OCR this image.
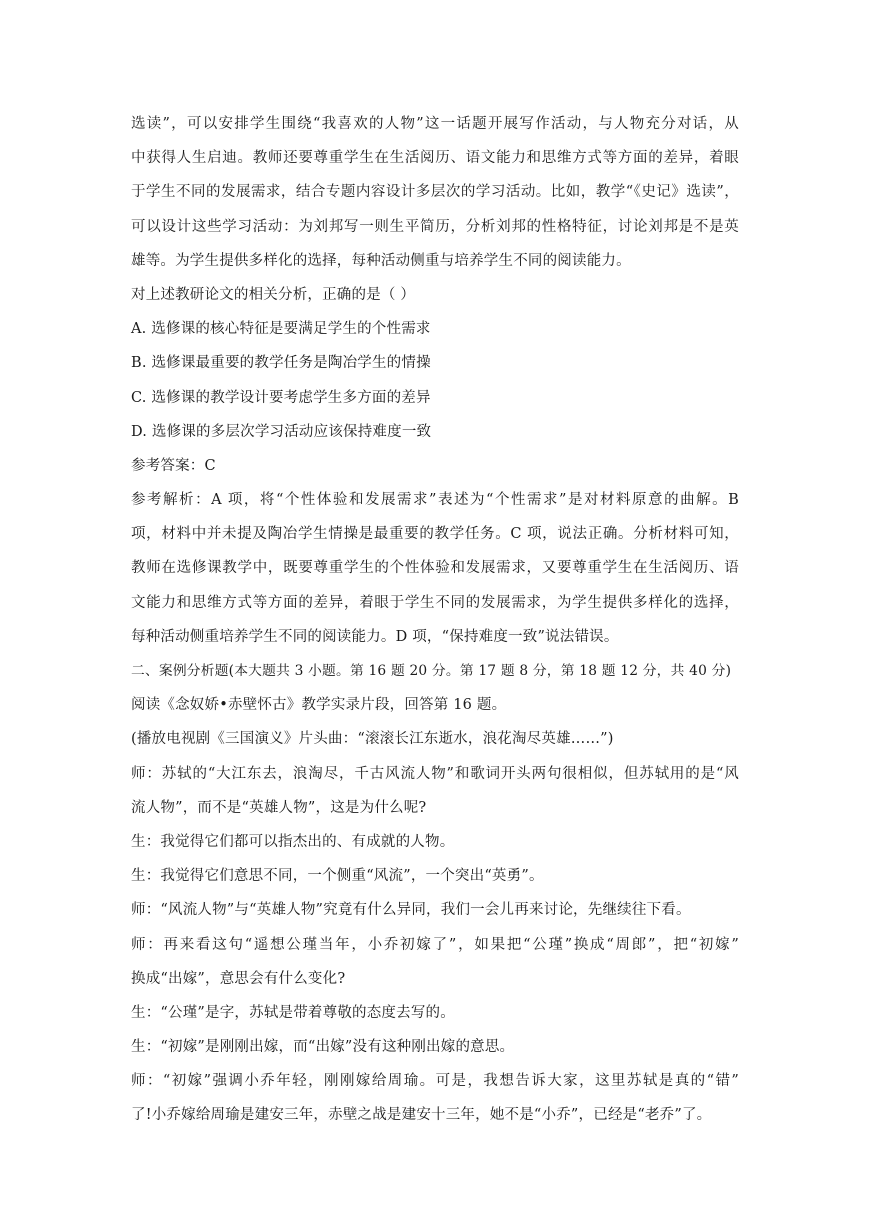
选读”，可以安排学生围绕“我喜欢的人物”这一话题开展写作活动，与人物充分对话，从
中获得人生启迪。教师还要尊重学生在生活阅历、语文能力和思维方式等方面的差异，着眼
于学生不同的发展需求，结合专题内容设计多层次的学习活动。比如，教学“《史记》选读”，
可以设计这些学习活动：为刘邦写一则生平简历，分析刘邦的性格特征，讨论刘邦是不是英
雄等。为学生提供多样化的选择，每种活动侧重与培养学生不同的阅读能力。
对上述教研论文的相关分析，正确的是（ ）
A. 选修课的核心特征是要满足学生的个性需求
B. 选修课最重要的教学任务是陶冶学生的情操
C. 选修课的教学设计要考虑学生多方面的差异
D. 选修课的多层次学习活动应该保持难度一致
参考答案：C
参考解析：A 项，将“个性体验和发展需求”表述为“个性需求”是对材料原意的曲解。B
项，材料中并未提及陶冶学生情操是最重要的教学任务。C 项，说法正确。分析材料可知，
教师在选修课教学中，既要尊重学生的个性体验和发展需求，又要尊重学生在生活阅历、语
文能力和思维方式等方面的差异，着眼于学生不同的发展需求，为学生提供多样化的选择，
每种活动侧重培养学生不同的阅读能力。D 项，“保持难度一致”说法错误。
二、案例分析题(本大题共 3 小题。第 16 题 20 分。第 17 题 8 分，第 18 题 12 分，共 40 分)
阅读《念奴娇•赤壁怀古》教学实录片段，回答第 16 题。
(播放电视剧《三国演义》片头曲：“滚滚长江东逝水，浪花淘尽英雄……”)
师：苏轼的“大江东去，浪淘尽，千古风流人物”和歌词开头两句很相似，但苏轼用的是“风
流人物”，而不是“英雄人物”，这是为什么呢?
生：我觉得它们都可以指杰出的、有成就的人物。
生：我觉得它们意思不同，一个侧重“风流”，一个突出“英勇”。
师：“风流人物”与“英雄人物”究竟有什么异同，我们一会儿再来讨论，先继续往下看。
师：再来看这句“遥想公瑾当年，小乔初嫁了”，如果把“公瑾”换成“周郎”，把“初嫁”
换成“出嫁”，意思会有什么变化?
生：“公瑾”是字，苏轼是带着尊敬的态度去写的。
生：“初嫁”是刚刚出嫁，而“出嫁”没有这种刚出嫁的意思。
师：“初嫁”强调小乔年轻，刚刚嫁给周瑜。可是，我想告诉大家，这里苏轼是真的“错”
了!小乔嫁给周瑜是建安三年，赤壁之战是建安十三年，她不是“小乔”，已经是“老乔”了。
